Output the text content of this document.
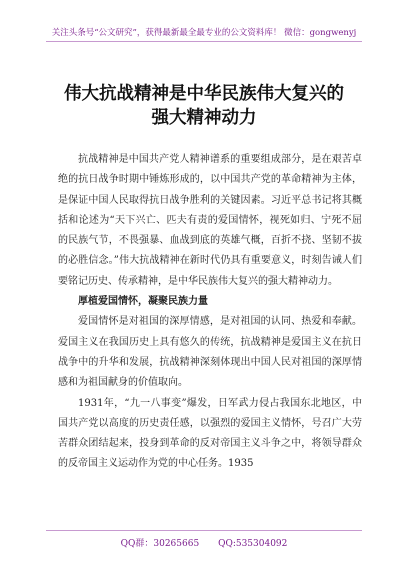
关注头条号“公文研究”，获得最新最全最专业的公文资料库！ 微信：gongwenyj
伟大抗战精神是中华民族伟大复兴的
强大精神动力

抗战精神是中国共产党人精神谱系的重要组成部分，是在艰苦卓绝的抗日战争时期中锤炼形成的，以中国共产党的革命精神为主体，是保证中国人民取得抗日战争胜利的关键因素。习近平总书记将其概括和论述为“天下兴亡、匹夫有责的爱国情怀，视死如归、宁死不屈的民族气节，不畏强暴、血战到底的英雄气概，百折不挠、坚韧不拔的必胜信念。”伟大抗战精神在新时代仍具有重要意义，时刻告诫人们要铭记历史、传承精神，是中华民族伟大复兴的强大精神动力。

厚植爱国情怀，凝聚民族力量

爱国情怀是对祖国的深厚情感，是对祖国的认同、热爱和奉献。爱国主义在我国历史上具有悠久的传统，抗战精神是爱国主义在抗日战争中的升华和发展，抗战精神深刻体现出中国人民对祖国的深厚情感和为祖国献身的价值取向。

1931年，“九一八事变”爆发，日军武力侵占我国东北地区，中国共产党以高度的历史责任感，以强烈的爱国主义情怀，号召广大劳苦群众团结起来，投身到革命的反对帝国主义斗争之中，将领导群众的反帝国主义运动作为党的中心任务。1935

QQ群：30265665 QQ:535304092
